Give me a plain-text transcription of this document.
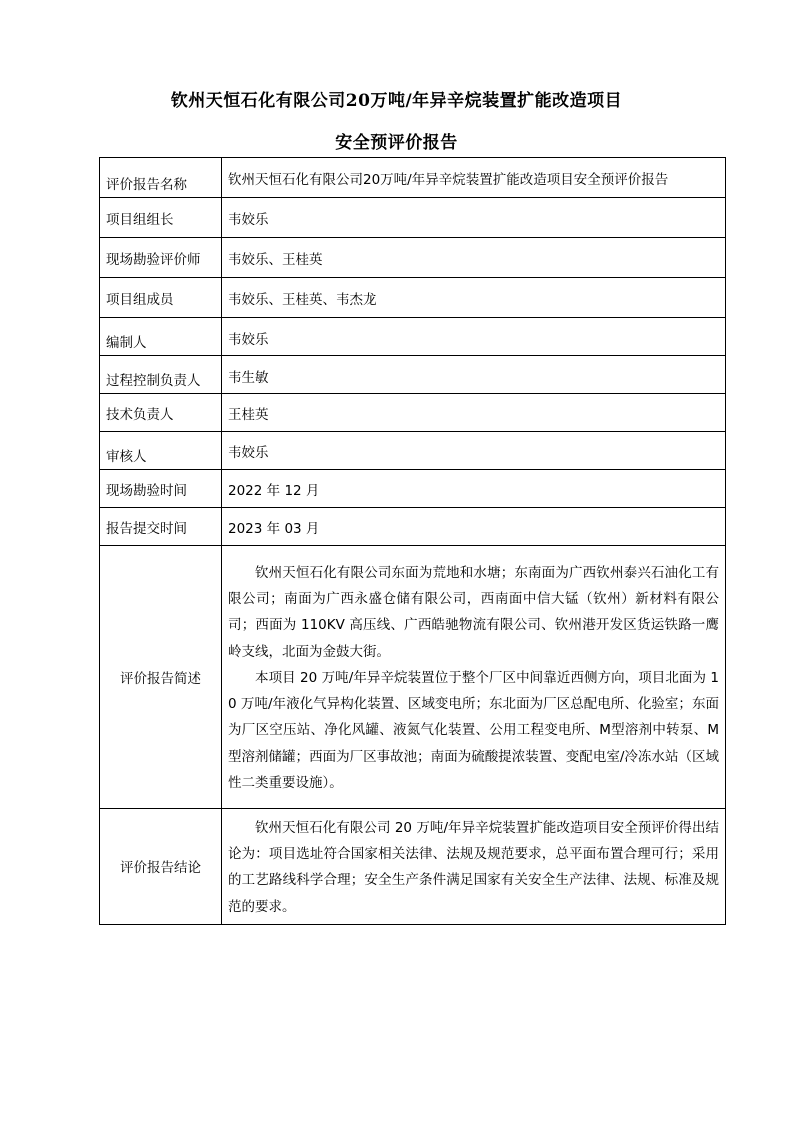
钦州天恒石化有限公司20万吨/年异辛烷装置扩能改造项目
安全预评价报告
评价报告名称	钦州天恒石化有限公司20万吨/年异辛烷装置扩能改造项目安全预评价报告
项目组组长	韦姣乐
现场勘验评价师	韦姣乐、王桂英
项目组成员	韦姣乐、王桂英、韦杰龙
编制人	韦姣乐
过程控制负责人	韦生敏
技术负责人	王桂英
审核人	韦姣乐
现场勘验时间	2022 年 12 月
报告提交时间	2023 年 03 月
评价报告简述	钦州天恒石化有限公司东面为荒地和水塘；东南面为广西钦州泰兴石油化工有限公司；南面为广西永盛仓储有限公司，西南面中信大锰（钦州）新材料有限公司；西面为 110KV 高压线、广西皓驰物流有限公司、钦州港开发区货运铁路一鹰岭支线，北面为金鼓大街。

本项目 20 万吨/年异辛烷装置位于整个厂区中间靠近西侧方向，项目北面为 10 万吨/年液化气异构化装置、区域变电所；东北面为厂区总配电所、化验室；东面为厂区空压站、净化风罐、液氮气化装置、公用工程变电所、M型溶剂中转泵、M型溶剂储罐；西面为厂区事故池；南面为硫酸提浓装置、变配电室/冷冻水站（区域性二类重要设施）。

评价报告结论	钦州天恒石化有限公司 20 万吨/年异辛烷装置扩能改造项目安全预评价得出结论为：项目选址符合国家相关法律、法规及规范要求，总平面布置合理可行；采用的工艺路线科学合理；安全生产条件满足国家有关安全生产法律、法规、标准及规范的要求。
